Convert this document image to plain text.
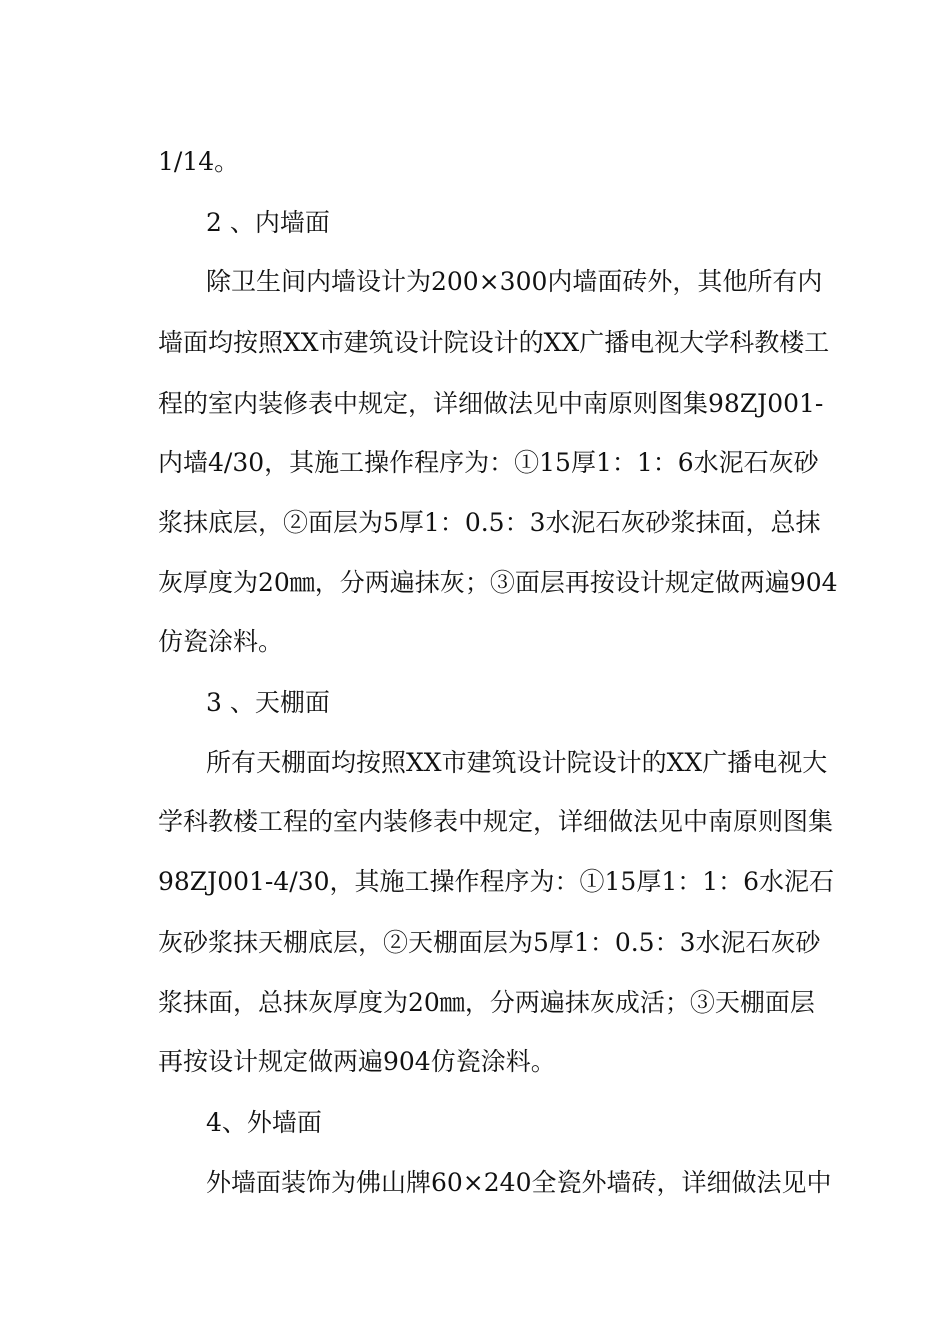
1/14。
2 、内墙面
除卫生间内墙设计为200×300内墙面砖外，其他所有内
墙面均按照XX市建筑设计院设计的XX广播电视大学科教楼工
程的室内装修表中规定，详细做法见中南原则图集98ZJ001-
内墙4/30，其施工操作程序为：①15厚1：1：6水泥石灰砂
浆抹底层，②面层为5厚1：0.5：3水泥石灰砂浆抹面，总抹
灰厚度为20㎜，分两遍抹灰；③面层再按设计规定做两遍904
仿瓷涂料。
3 、天棚面
所有天棚面均按照XX市建筑设计院设计的XX广播电视大
学科教楼工程的室内装修表中规定，详细做法见中南原则图集
98ZJ001-4/30，其施工操作程序为：①15厚1：1：6水泥石
灰砂浆抹天棚底层，②天棚面层为5厚1：0.5：3水泥石灰砂
浆抹面，总抹灰厚度为20㎜，分两遍抹灰成活；③天棚面层
再按设计规定做两遍904仿瓷涂料。
4、外墙面
外墙面装饰为佛山牌60×240全瓷外墙砖，详细做法见中
